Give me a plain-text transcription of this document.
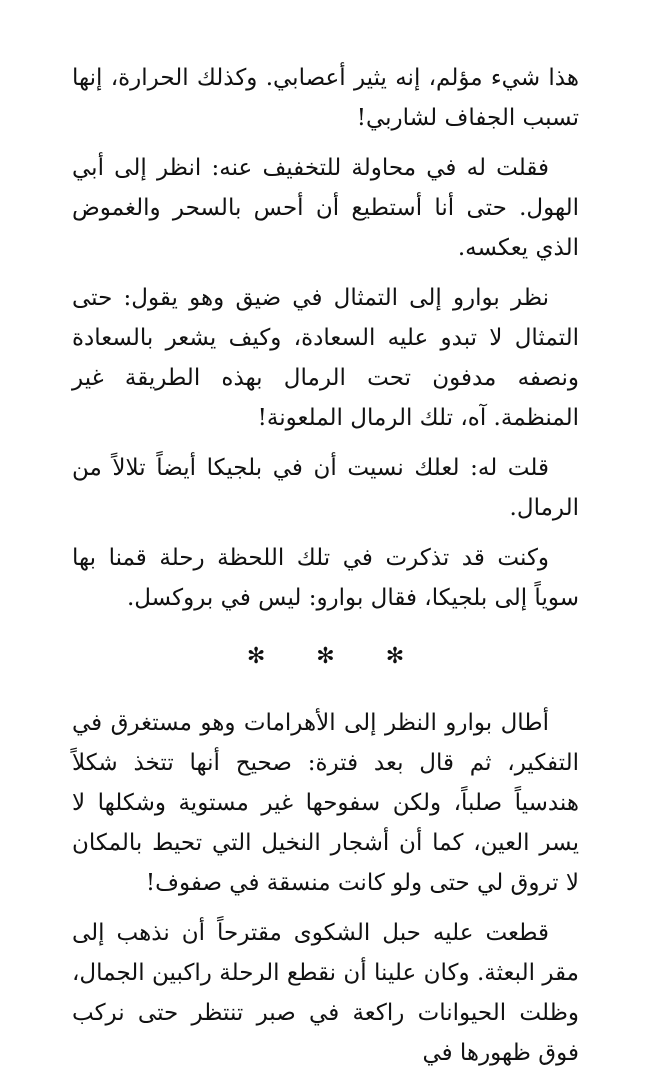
هذا شيء مؤلم، إنه يثير أعصابي. وكذلك الحرارة، إنها تسبب الجفاف لشاربي!

فقلت له في محاولة للتخفيف عنه: انظر إلى أبي الهول. حتى أنا أستطيع أن أحس بالسحر والغموض الذي يعكسه.

نظر بوارو إلى التمثال في ضيق وهو يقول: حتى التمثال لا تبدو عليه السعادة، وكيف يشعر بالسعادة ونصفه مدفون تحت الرمال بهذه الطريقة غير المنظمة. آه، تلك الرمال الملعونة!

قلت له: لعلك نسيت أن في بلجيكا أيضاً تلالاً من الرمال.

وكنت قد تذكرت في تلك اللحظة رحلة قمنا بها سوياً إلى بلجيكا، فقال بوارو: ليس في بروكسل.

✻ ✻ ✻

أطال بوارو النظر إلى الأهرامات وهو مستغرق في التفكير، ثم قال بعد فترة: صحيح أنها تتخذ شكلاً هندسياً صلباً، ولكن سفوحها غير مستوية وشكلها لا يسر العين، كما أن أشجار النخيل التي تحيط بالمكان لا تروق لي حتى ولو كانت منسقة في صفوف!

قطعت عليه حبل الشكوى مقترحاً أن نذهب إلى مقر البعثة. وكان علينا أن نقطع الرحلة راكبين الجمال، وظلت الحيوانات راكعة في صبر تنتظر حتى نركب فوق ظهورها في
